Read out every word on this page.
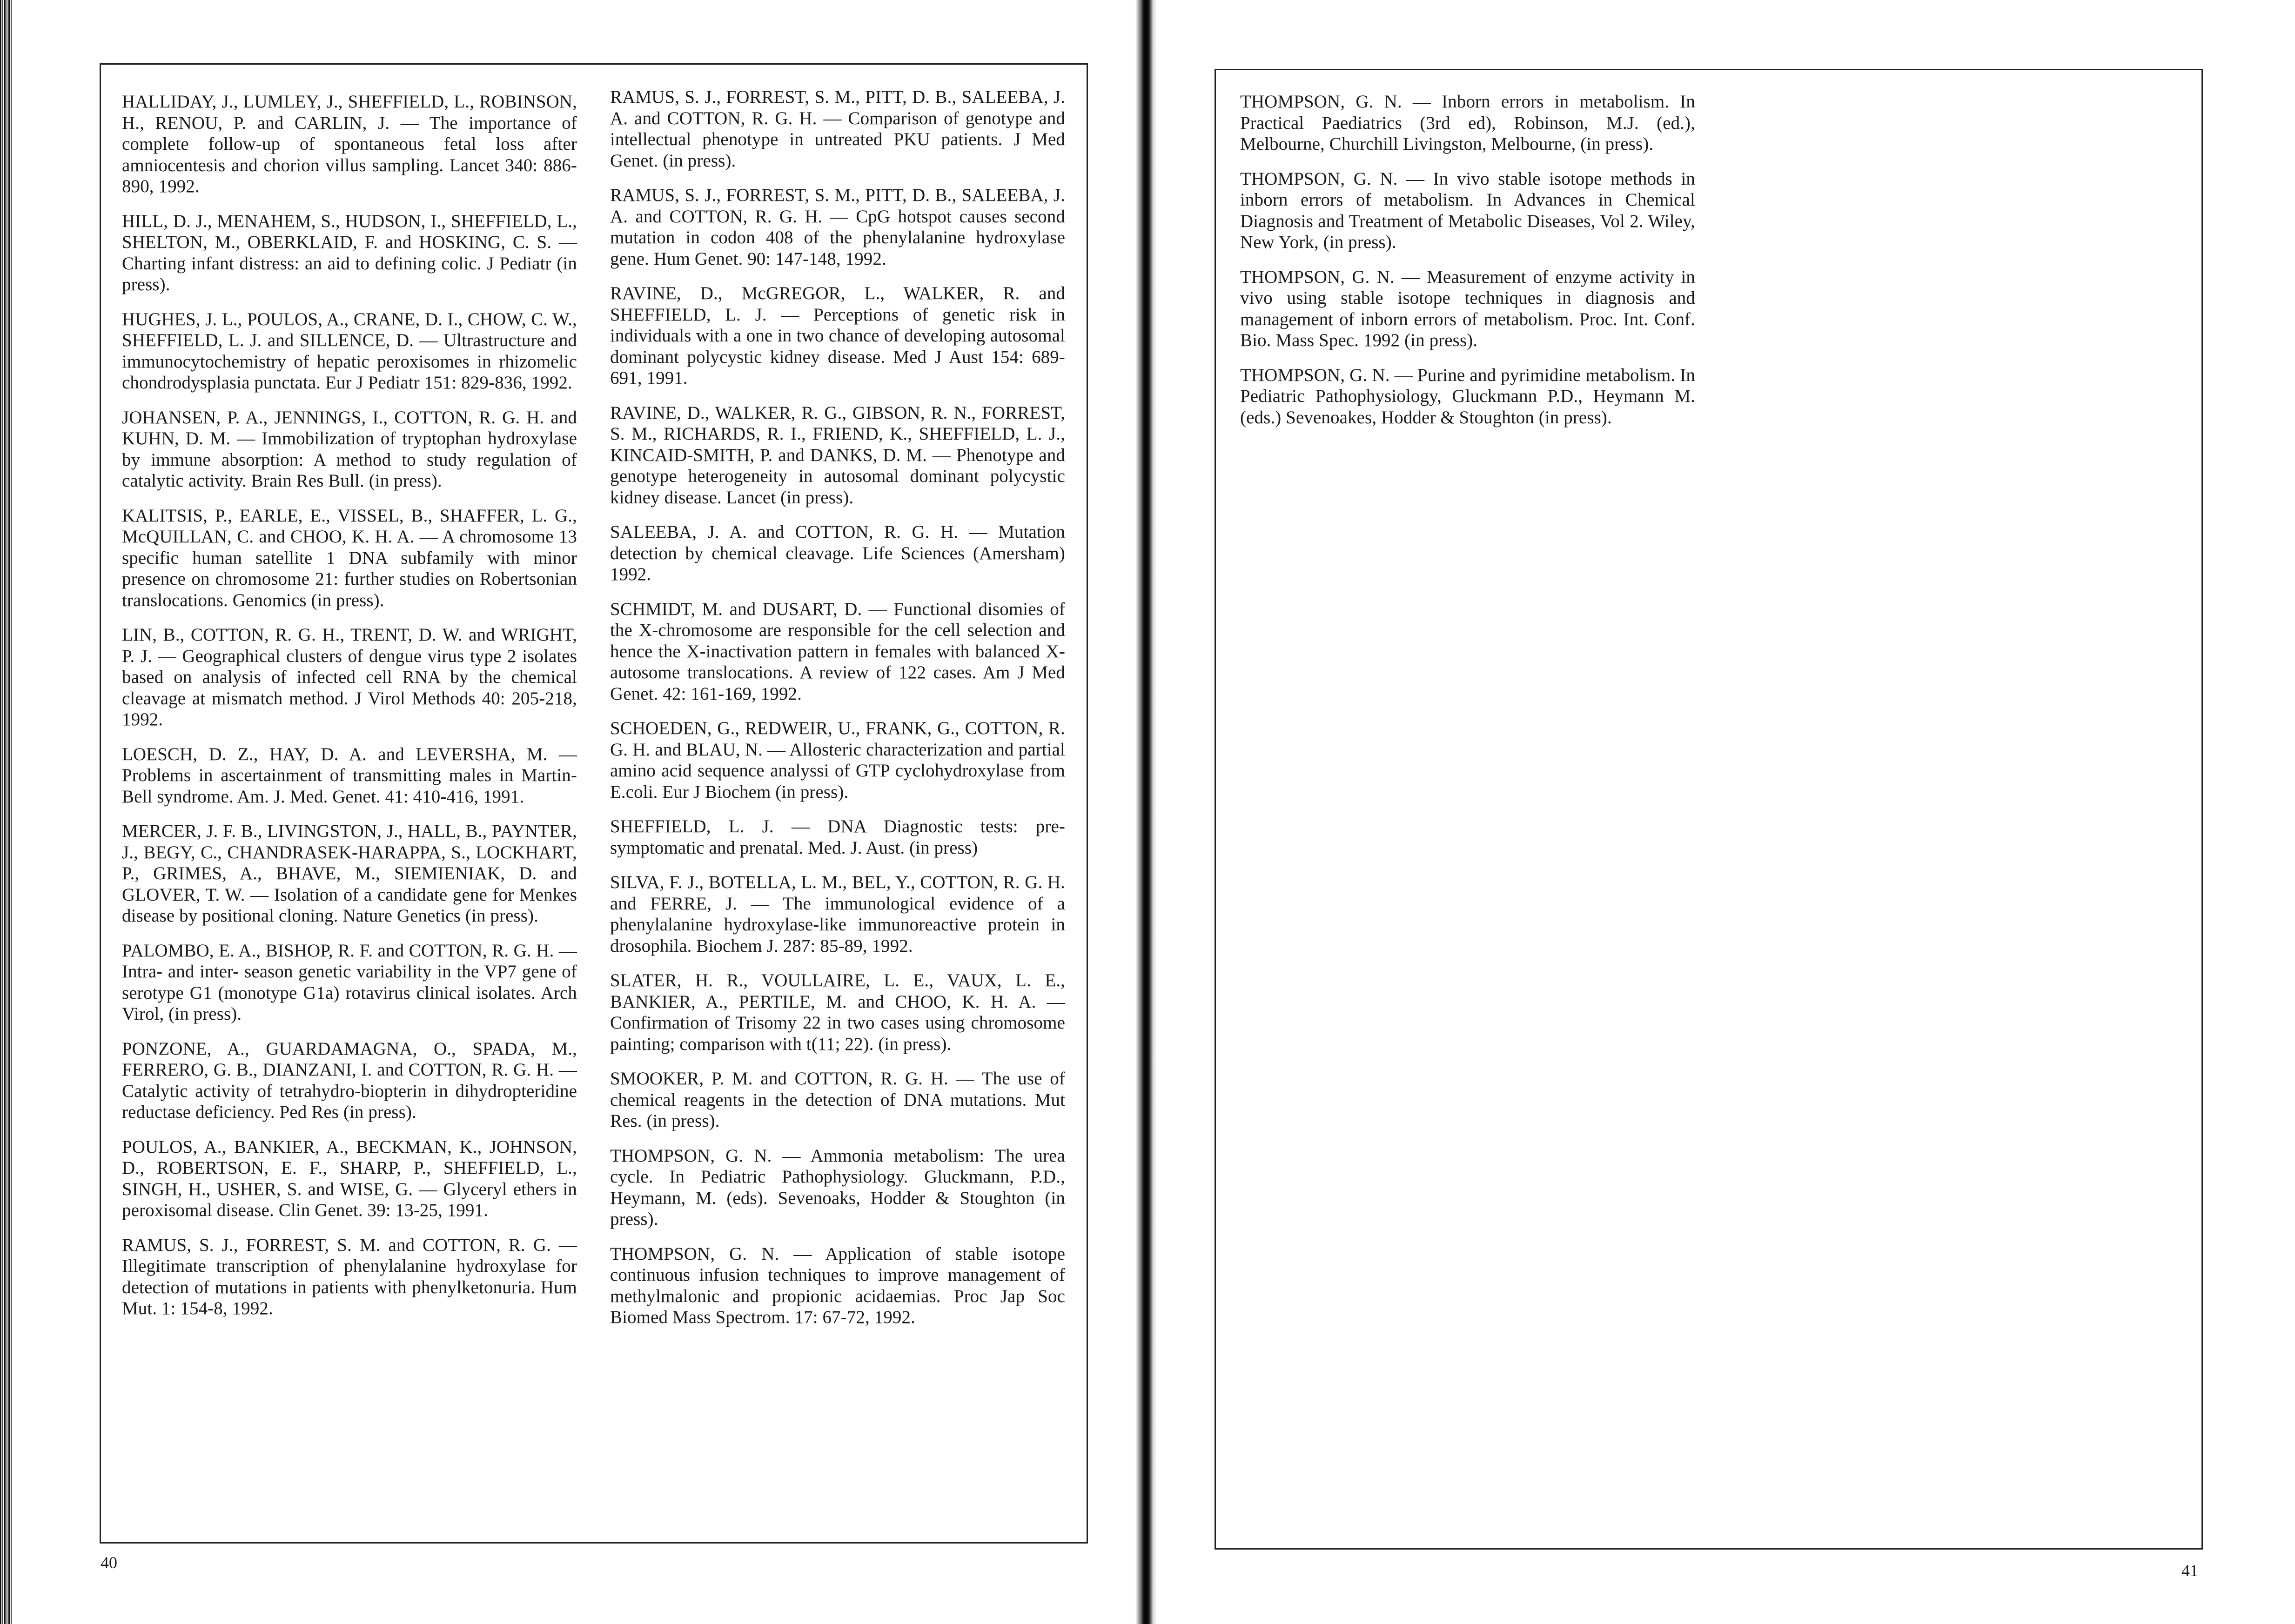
HALLIDAY, J., LUMLEY, J., SHEFFIELD, L., ROBINSON, H., RENOU, P. and CARLIN, J. — The importance of complete follow-up of spontaneous fetal loss after amniocentesis and chorion villus sampling. Lancet 340: 886-890, 1992.

HILL, D. J., MENAHEM, S., HUDSON, I., SHEFFIELD, L., SHELTON, M., OBERKLAID, F. and HOSKING, C. S. — Charting infant distress: an aid to defining colic. J Pediatr (in press).

HUGHES, J. L., POULOS, A., CRANE, D. I., CHOW, C. W., SHEFFIELD, L. J. and SILLENCE, D. — Ultrastructure and immunocytochemistry of hepatic peroxisomes in rhizomelic chondrodysplasia punctata. Eur J Pediatr 151: 829-836, 1992.

JOHANSEN, P. A., JENNINGS, I., COTTON, R. G. H. and KUHN, D. M. — Immobilization of tryptophan hydroxylase by immune absorption: A method to study regulation of catalytic activity. Brain Res Bull. (in press).

KALITSIS, P., EARLE, E., VISSEL, B., SHAFFER, L. G., McQUILLAN, C. and CHOO, K. H. A. — A chromosome 13 specific human satellite 1 DNA subfamily with minor presence on chromosome 21: further studies on Robertsonian translocations. Genomics (in press).

LIN, B., COTTON, R. G. H., TRENT, D. W. and WRIGHT, P. J. — Geographical clusters of dengue virus type 2 isolates based on analysis of infected cell RNA by the chemical cleavage at mismatch method. J Virol Methods 40: 205-218, 1992.

LOESCH, D. Z., HAY, D. A. and LEVERSHA, M. — Problems in ascertainment of transmitting males in Martin-Bell syndrome. Am. J. Med. Genet. 41: 410-416, 1991.

MERCER, J. F. B., LIVINGSTON, J., HALL, B., PAYNTER, J., BEGY, C., CHANDRASEK-HARAPPA, S., LOCKHART, P., GRIMES, A., BHAVE, M., SIEMIENIAK, D. and GLOVER, T. W. — Isolation of a candidate gene for Menkes disease by positional cloning. Nature Genetics (in press).

PALOMBO, E. A., BISHOP, R. F. and COTTON, R. G. H. — Intra- and inter- season genetic variability in the VP7 gene of serotype G1 (monotype G1a) rotavirus clinical isolates. Arch Virol, (in press).

PONZONE, A., GUARDAMAGNA, O., SPADA, M., FERRERO, G. B., DIANZANI, I. and COTTON, R. G. H. — Catalytic activity of tetrahydro-biopterin in dihydropteridine reductase deficiency. Ped Res (in press).

POULOS, A., BANKIER, A., BECKMAN, K., JOHNSON, D., ROBERTSON, E. F., SHARP, P., SHEFFIELD, L., SINGH, H., USHER, S. and WISE, G. — Glyceryl ethers in peroxisomal disease. Clin Genet. 39: 13-25, 1991.

RAMUS, S. J., FORREST, S. M. and COTTON, R. G. — Illegitimate transcription of phenylalanine hydroxylase for detection of mutations in patients with phenylketonuria. Hum Mut. 1: 154-8, 1992.

RAMUS, S. J., FORREST, S. M., PITT, D. B., SALEEBA, J. A. and COTTON, R. G. H. — Comparison of genotype and intellectual phenotype in untreated PKU patients. J Med Genet. (in press).

RAMUS, S. J., FORREST, S. M., PITT, D. B., SALEEBA, J. A. and COTTON, R. G. H. — CpG hotspot causes second mutation in codon 408 of the phenylalanine hydroxylase gene. Hum Genet. 90: 147-148, 1992.

RAVINE, D., McGREGOR, L., WALKER, R. and SHEFFIELD, L. J. — Perceptions of genetic risk in individuals with a one in two chance of developing autosomal dominant polycystic kidney disease. Med J Aust 154: 689-691, 1991.

RAVINE, D., WALKER, R. G., GIBSON, R. N., FORREST, S. M., RICHARDS, R. I., FRIEND, K., SHEFFIELD, L. J., KINCAID-SMITH, P. and DANKS, D. M. — Phenotype and genotype heterogeneity in autosomal dominant polycystic kidney disease. Lancet (in press).

SALEEBA, J. A. and COTTON, R. G. H. — Mutation detection by chemical cleavage. Life Sciences (Amersham) 1992.

SCHMIDT, M. and DUSART, D. — Functional disomies of the X-chromosome are responsible for the cell selection and hence the X-inactivation pattern in females with balanced X-autosome translocations. A review of 122 cases. Am J Med Genet. 42: 161-169, 1992.

SCHOEDEN, G., REDWEIR, U., FRANK, G., COTTON, R. G. H. and BLAU, N. — Allosteric characterization and partial amino acid sequence analyssi of GTP cyclohydroxylase from E.coli. Eur J Biochem (in press).

SHEFFIELD, L. J. — DNA Diagnostic tests: pre-symptomatic and prenatal. Med. J. Aust. (in press)

SILVA, F. J., BOTELLA, L. M., BEL, Y., COTTON, R. G. H. and FERRE, J. — The immunological evidence of a phenylalanine hydroxylase-like immunoreactive protein in drosophila. Biochem J. 287: 85-89, 1992.

SLATER, H. R., VOULLAIRE, L. E., VAUX, L. E., BANKIER, A., PERTILE, M. and CHOO, K. H. A. — Confirmation of Trisomy 22 in two cases using chromosome painting; comparison with t(11; 22). (in press).

SMOOKER, P. M. and COTTON, R. G. H. — The use of chemical reagents in the detection of DNA mutations. Mut Res. (in press).

THOMPSON, G. N. — Ammonia metabolism: The urea cycle. In Pediatric Pathophysiology. Gluckmann, P.D., Heymann, M. (eds). Sevenoaks, Hodder & Stoughton (in press).

THOMPSON, G. N. — Application of stable isotope continuous infusion techniques to improve management of methylmalonic and propionic acidaemias. Proc Jap Soc Biomed Mass Spectrom. 17: 67-72, 1992.

THOMPSON, G. N. — Inborn errors in metabolism. In Practical Paediatrics (3rd ed), Robinson, M.J. (ed.), Melbourne, Churchill Livingston, Melbourne, (in press).

THOMPSON, G. N. — In vivo stable isotope methods in inborn errors of metabolism. In Advances in Chemical Diagnosis and Treatment of Metabolic Diseases, Vol 2. Wiley, New York, (in press).

THOMPSON, G. N. — Measurement of enzyme activity in vivo using stable isotope techniques in diagnosis and management of inborn errors of metabolism. Proc. Int. Conf. Bio. Mass Spec. 1992 (in press).

THOMPSON, G. N. — Purine and pyrimidine metabolism. In Pediatric Pathophysiology, Gluckmann P.D., Heymann M. (eds.) Sevenoakes, Hodder & Stoughton (in press).

40	41
